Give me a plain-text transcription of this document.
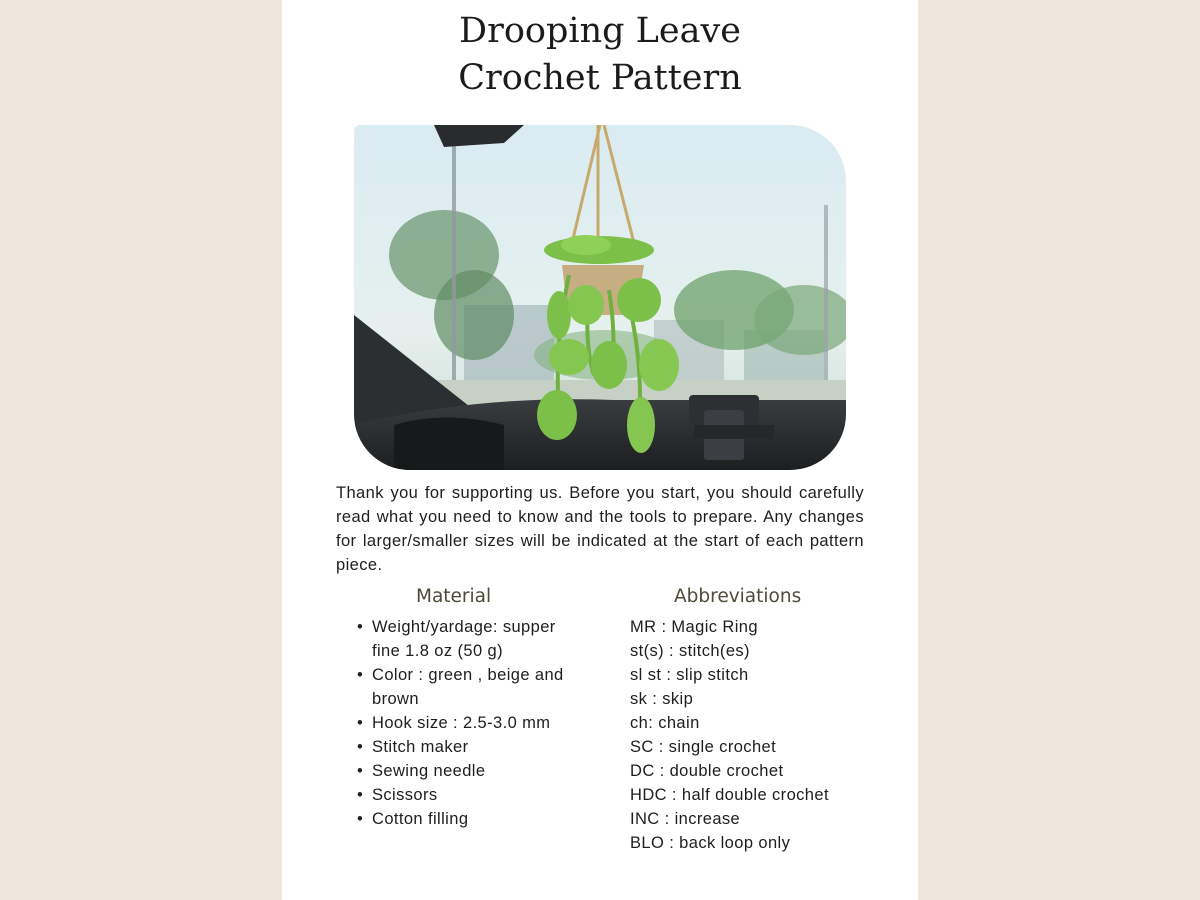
Drooping Leave
Crochet Pattern

Thank you for supporting us. Before you start, you should carefully read what you need to know and the tools to prepare. Any changes for larger/smaller sizes will be indicated at the start of each pattern piece.

Material	Abbreviations
• Weight/yardage: supper fine 1.8 oz (50 g)
• Color : green , beige and brown
• Hook size : 2.5-3.0 mm
• Stitch maker
• Sewing needle
• Scissors
• Cotton filling
MR : Magic Ring
st(s) : stitch(es)
sl st : slip stitch
sk : skip
ch: chain
SC : single crochet
DC : double crochet
HDC : half double crochet
INC : increase
BLO : back loop only
